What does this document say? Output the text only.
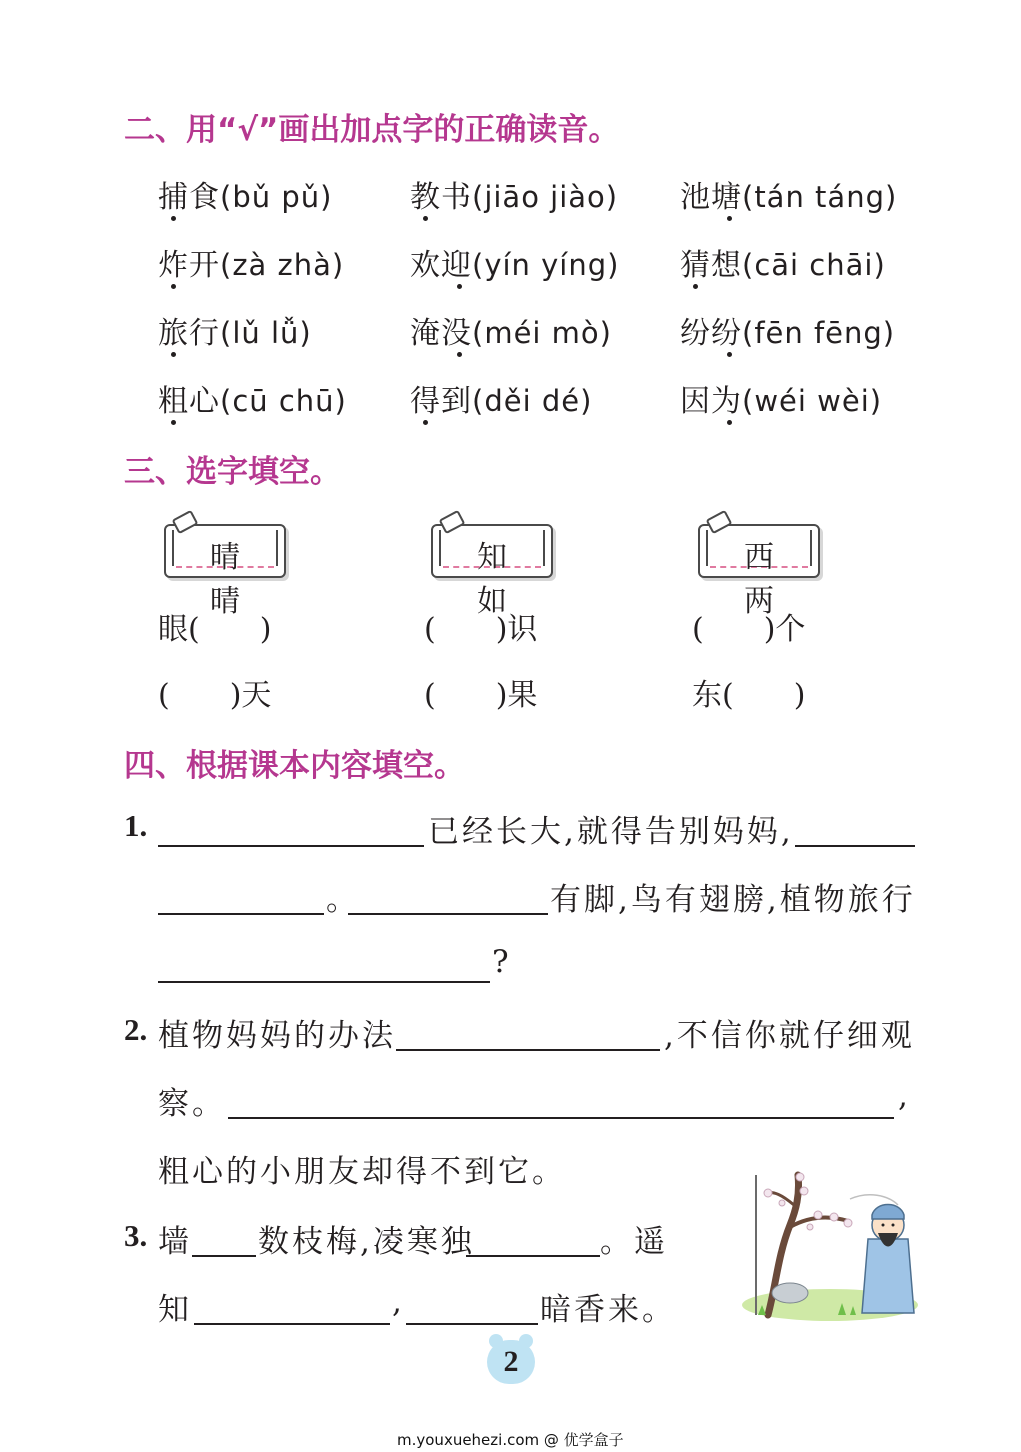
二、用“√”画出加点字的正确读音。
捕食(bǔ pǔ)	教书(jiāo jiào) 池塘(tán táng)
炸开(zà zhà) 欢迎(yín yíng) 猜想(cāi chāi)
旅行(lǔ lǚ)	淹没(méi mò) 纷纷(fēn fēng)
粗心(cū chū) 得到(děi dé)	因为(wéi wèi)
三、选字填空。
晴晴
知如
西两
眼(　　)	(　　)识	(　　)个
(　　)天	(　　)果	东(　　)
四、根据课本内容填空。
1.	已经长大,就得告别妈妈,
。	有脚,鸟有翅膀,植物旅行
?
2. 植物妈妈的办法	,不信你就仔细观
察。	,
粗心的小朋友却得不到它。
3. 墙 数枝梅,凌寒独	。遥
知	,	暗香来。
2
m.youxuehezi.com @ 优学盒子
